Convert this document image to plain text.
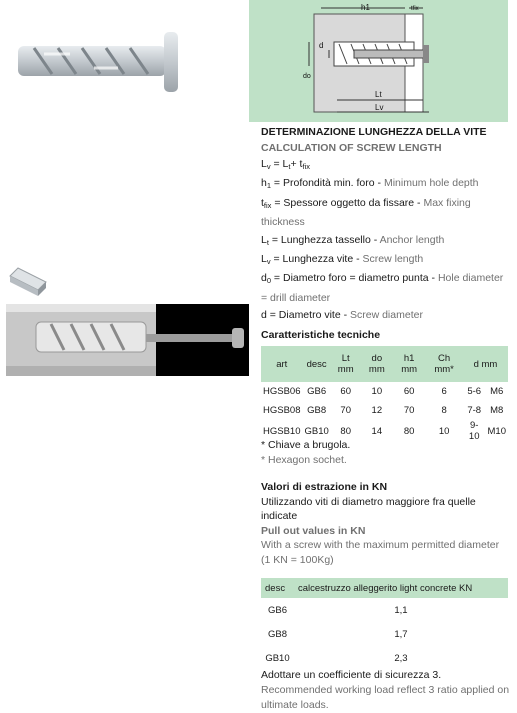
h1	tfix
d
do
Lt
Lv
DETERMINAZIONE LUNGHEZZA DELLA VITE
CALCULATION OF SCREW LENGTH
$L_v = L_t+ t_{fix}$
$h_1$ = Profondità min. foro - Minimum hole depth
$t_{fix}$ = Spessore oggetto da fissare - Max fixing thickness
$L_t$ = Lunghezza tassello - Anchor length
$L_v$ = Lunghezza vite - Screw length
$d_0$ = Diametro foro = diametro punta - Hole diameter = drill diameter
d = Diametro vite - Screw diameter
Caratteristiche tecniche
art	desc	Lt mm	do mm	h1 mm	Ch mm*	d mm	
HGSB06	GB6	60	10	60	6	5-6	M6
HGSB08	GB8	70	12	70	8	7-8	M8
HGSB10	GB10	80	14	80	10	9-10	M10
* Chiave a brugola.
* Hexagon sochet.
Valori di estrazione in KN
Utilizzando viti di diametro maggiore fra quelle indicate
Pull out values in KN
With a screw with the maximum permitted diameter (1 KN = 100Kg)
desc	calcestruzzo alleggerito light concrete KN
GB6	1,1
GB8	1,7
GB10	2,3
Adottare un coefficiente di sicurezza 3.
Recommended working load reflect 3 ratio applied on ultimate loads.
